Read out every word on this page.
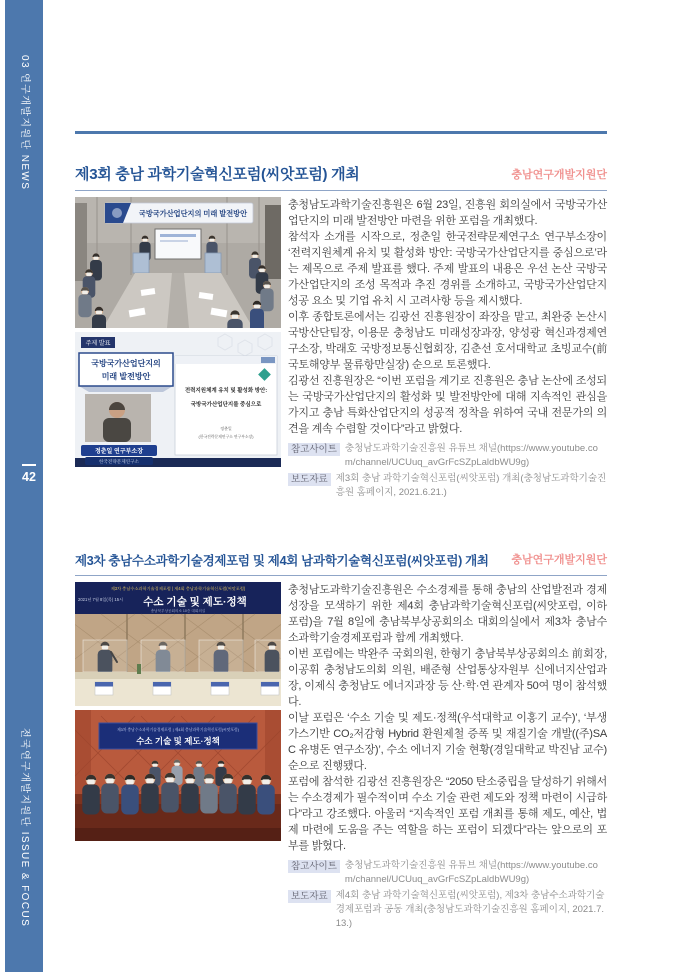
03 연구개발지원단 NEWS
42
전국연구개발지원단 ISSUE & FOCUS
제3회 충남 과학기술혁신포럼(씨앗포럼) 개최	충남연구개발지원단
국방국가산업단지의 미래 발전방안
주제 발표
국방국가산업단지의
미래 발전방안
정춘일 연구부소장
한국전략문제연구소
전력지원체계 유치 및 활성화 방안:
국방국가산업단지를 중심으로
정춘일
(한국전략문제연구소 연구부소장)

충청남도과학기술진흥원은 6월 23일, 진흥원 회의실에서 국방국가산업단지의 미래 발전방안 마련을 위한 포럼을 개최했다.

참석자 소개를 시작으로, 정춘일 한국전략문제연구소 연구부소장이 ‘전력지원체계 유치 및 활성화 방안: 국방국가산업단지를 중심으로’라는 제목으로 주제 발표를 했다. 주제 발표의 내용은 우선 논산 국방국가산업단지의 조성 목적과 추진 경위를 소개하고, 국방국가산업단지 성공 요소 및 기업 유치 시 고려사항 등을 제시했다.

이후 종합토론에서는 김광선 진흥원장이 좌장을 맡고, 최완중 논산시 국방산단팀장, 이용문 충청남도 미래성장과장, 양성광 혁신과경제연구소장, 박래호 국방정보통신협회장, 김춘선 호서대학교 초빙교수(前 국토해양부 물류항만실장) 순으로 토론했다.

김광선 진흥원장은 “이번 포럼을 계기로 진흥원은 충남 논산에 조성되는 국방국가산업단지의 활성화 및 발전방안에 대해 지속적인 관심을 가지고 충남 특화산업단지의 성공적 정착을 위하여 국내 전문가의 의견을 계속 수렴할 것이다”라고 밝혔다.

참고사이트 충청남도과학기술진흥원 유튜브 채널(https://www.youtube.com/channel/UCUuq_avGrFcSZpLaldbWU9g)
보도자료 제3회 충남 과학기술혁신포럼(씨앗포럼) 개최(충청남도과학기술진흥원 홈페이지, 2021.6.21.)
제3차 충남수소과학기술경제포럼 및 제4회 남과학기술혁신포럼(씨앗포럼) 개최 충남연구개발지원단
제3차 충남수소과학기술경제포럼 | 제4회 충남과학기술혁신포럼(씨앗포럼)
2021년 7월 8일(목) 15시 수소 기술 및 제도·정책
충남북부상공회의소 10층 대회의실
제3차 충남수소과학기술경제포럼 | 제4회 충남과학기술혁신포럼(씨앗포럼)
수소 기술 및 제도·정책

충청남도과학기술진흥원은 수소경제를 통해 충남의 산업발전과 경제성장을 모색하기 위한 제4회 충남과학기술혁신포럼(씨앗포럼, 이하 포럼)을 7월 8일에 충남북부상공회의소 대회의실에서 제3차 충남수소과학기술경제포럼과 함께 개최했다.

이번 포럼에는 박완주 국회의원, 한형기 충남북부상공회의소 前회장, 이공휘 충청남도의회 의원, 배준형 산업통상자원부 신에너지산업과장, 이제식 충청남도 에너지과장 등 산·학·연 관계자 50여 명이 참석했다.

이날 포럼은 ‘수소 기술 및 제도·정책(우석대학교 이홍기 교수)’, ‘부생가스기반 CO₂저감형 Hybrid 환원제철 증폭 및 재질기술 개발((주)SAC 유병돈 연구소장)’, 수소 에너지 기술 현황(경일대학교 박진남 교수) 순으로 진행됐다.

포럼에 참석한 김광선 진흥원장은 “2050 탄소중립을 달성하기 위해서는 수소경제가 필수적이며 수소 기술 관련 제도와 정책 마련이 시급하다”라고 강조했다. 아울러 “지속적인 포럼 개최를 통해 제도, 예산, 법제 마련에 도움을 주는 역할을 하는 포럼이 되겠다”라는 앞으로의 포부를 밝혔다.

참고사이트 충청남도과학기술진흥원 유튜브 채널(https://www.youtube.com/channel/UCUuq_avGrFcSZpLaldbWU9g)
보도자료 제4회 충남 과학기술혁신포럼(씨앗포럼), 제3차 충남수소과학기술경제포럼과 공동 개최(충청남도과학기술진흥원 홈페이지, 2021.7.13.)
